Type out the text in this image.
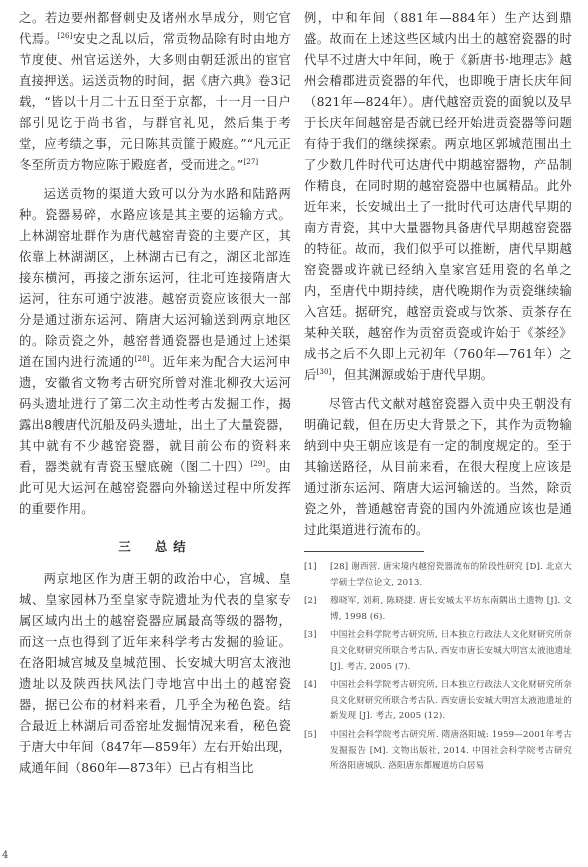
之。若边要州都督刺史及诸州水旱成分，则它官代焉。[26]安史之乱以后，常贡物品除有时由地方节度使、州官运送外，大多则由朝廷派出的宦官直接押送。运送贡物的时间，据《唐六典》卷3记载，“皆以十月二十五日至于京都，十一月一日户部引见讫于尚书省，与群官礼见，然后集于考堂，应考绩之事，元日陈其贡篚于殿庭。”“凡元正冬至所贡方物应陈于殿庭者，受而进之。”[27]

运送贡物的渠道大致可以分为水路和陆路两种。瓷器易碎，水路应该是其主要的运输方式。上林湖窑址群作为唐代越窑青瓷的主要产区，其依靠上林湖湖区，上林湖古已有之，湖区北部连接东横河，再接之浙东运河，往北可连接隋唐大运河，往东可通宁波港。越窑贡瓷应该很大一部分是通过浙东运河、隋唐大运河输送到两京地区的。除贡瓷之外，越窑普通瓷器也是通过上述渠道在国内进行流通的[28]。近年来为配合大运河申遗，安徽省文物考古研究所曾对淮北柳孜大运河码头遗址进行了第二次主动性考古发掘工作，揭露出8艘唐代沉船及码头遗址，出土了大量瓷器，其中就有不少越窑瓷器，就目前公布的资料来看，器类就有青瓷玉璧底碗（图二十四）[29]。由此可见大运河在越窑瓷器向外输送过程中所发挥的重要作用。

三　总结

两京地区作为唐王朝的政治中心，宫城、皇城、皇家园林乃至皇家寺院遗址为代表的皇家专属区域内出土的越窑瓷器应属最高等级的器物，而这一点也得到了近年来科学考古发掘的验证。在洛阳城宫城及皇城范围、长安城大明宫太液池遗址以及陕西扶风法门寺地宫中出土的越窑瓷器，据已公布的材料来看，几乎全为秘色瓷。结合最近上林湖后司岙窑址发掘情况来看，秘色瓷于唐大中年间（847年—859年）左右开始出现，咸通年间（860年—873年）已占有相当比

例，中和年间（881年—884年）生产达到鼎盛。故而在上述这些区域内出土的越窑瓷器的时代早不过唐大中年间，晚于《新唐书·地理志》越州会稽郡进贡瓷器的年代，也即晚于唐长庆年间（821年—824年）。唐代越窑贡瓷的面貌以及早于长庆年间越窑是否就已经开始进贡瓷器等问题有待于我们的继续探索。两京地区郭城范围出土了少数几件时代可达唐代中期越窑器物，产品制作精良，在同时期的越窑瓷器中也属精品。此外近年来，长安城出土了一批时代可达唐代早期的南方青瓷，其中大量器物具备唐代早期越窑瓷器的特征。故而，我们似乎可以推断，唐代早期越窑瓷器或许就已经纳入皇家宫廷用瓷的名单之内，至唐代中期持续，唐代晚期作为贡瓷继续输入宫廷。据研究，越窑贡瓷或与饮茶、贡茶存在某种关联，越窑作为贡窑贡瓷或许始于《茶经》成书之后不久即上元初年（760年—761年）之后[30]，但其渊源或始于唐代早期。

尽管古代文献对越窑瓷器入贡中央王朝没有明确记载，但在历史大背景之下，其作为贡物输纳到中央王朝应该是有一定的制度规定的。至于其输送路径，从目前来看，在很大程度上应该是通过浙东运河、隋唐大运河输送的。当然，除贡瓷之外，普通越窑青瓷的国内外流通应该也是通过此渠道进行流布的。

[1]	[28] 谢西营. 唐宋境内越窑瓷器流布的阶段性研究 [D]. 北京大学硕士学位论文, 2013.
[2]	穆晓军, 刘莉, 陈晓捷. 唐长安城太平坊东南隅出土遗物 [J]. 文博, 1998 (6).
[3]	中国社会科学院考古研究所, 日本独立行政法人文化财研究所奈良文化财研究所联合考古队, 西安市唐长安城大明宫太液池遗址 [J]. 考古, 2005 (7).
[4]	中国社会科学院考古研究所, 日本独立行政法人文化财研究所奈良文化财研究所联合考古队. 西安唐长安城大明宫太液池遗址的新发现 [J]. 考古, 2005 (12).
[5]	中国社会科学院考古研究所. 隋唐洛阳城: 1959—2001年考古发掘报告 [M]. 文物出版社, 2014. 中国社会科学院考古研究所洛阳唐城队. 洛阳唐东都履道坊白居易
4
